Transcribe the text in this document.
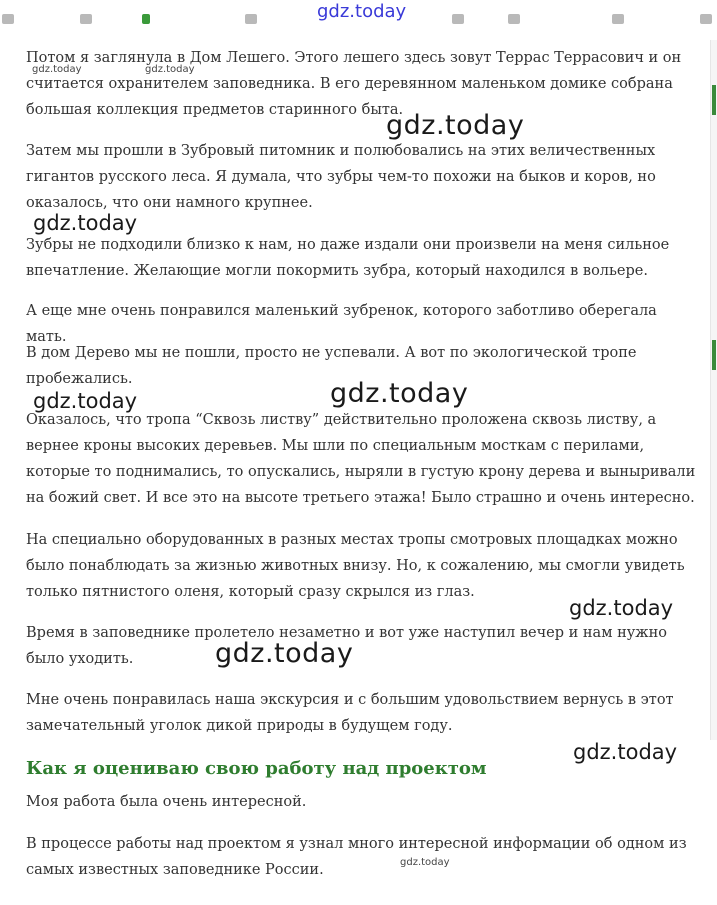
gdz.today

Потом я заглянула в Дом Лешего. Этого лешего здесь зовут Террас Террасович и он считается охранителем заповедника. В его деревянном маленьком домике собрана большая коллекция предметов старинного быта.

Затем мы прошли в Зубровый питомник и полюбовались на этих величественных гигантов русского леса. Я думала, что зубры чем-то похожи на быков и коров, но оказалось, что они намного крупнее.

Зубры не подходили близко к нам, но даже издали они произвели на меня сильное впечатление. Желающие могли покормить зубра, который находился в вольере.

А еще мне очень понравился маленький зубренок, которого заботливо оберегала мать.

В дом Дерево мы не пошли, просто не успевали. А вот по экологической тропе пробежались.

Оказалось, что тропа “Сквозь листву” действительно проложена сквозь листву, а вернее кроны высоких деревьев. Мы шли по специальным мосткам с перилами, которые то поднимались, то опускались, ныряли в густую крону дерева и выныривали на божий свет. И все это на высоте третьего этажа! Было страшно и очень интересно.

На специально оборудованных в разных местах тропы смотровых площадках можно было понаблюдать за жизнью животных внизу. Но, к сожалению, мы смогли увидеть только пятнистого оленя, который сразу скрылся из глаз.

Время в заповеднике пролетело незаметно и вот уже наступил вечер и нам нужно было уходить.

Мне очень понравилась наша экскурсия и с большим удовольствием вернусь в этот замечательный уголок дикой природы в будущем году.

Как я оцениваю свою работу над проектом

Моя работа была очень интересной.

В процессе работы над проектом я узнал много интересной информации об одном из самых известных заповеднике России.

gdz.today	gdz.today
gdz.today
gdz.today
gdz.today	gdz.today
gdz.today
gdz.today
gdz.today
gdz.today
